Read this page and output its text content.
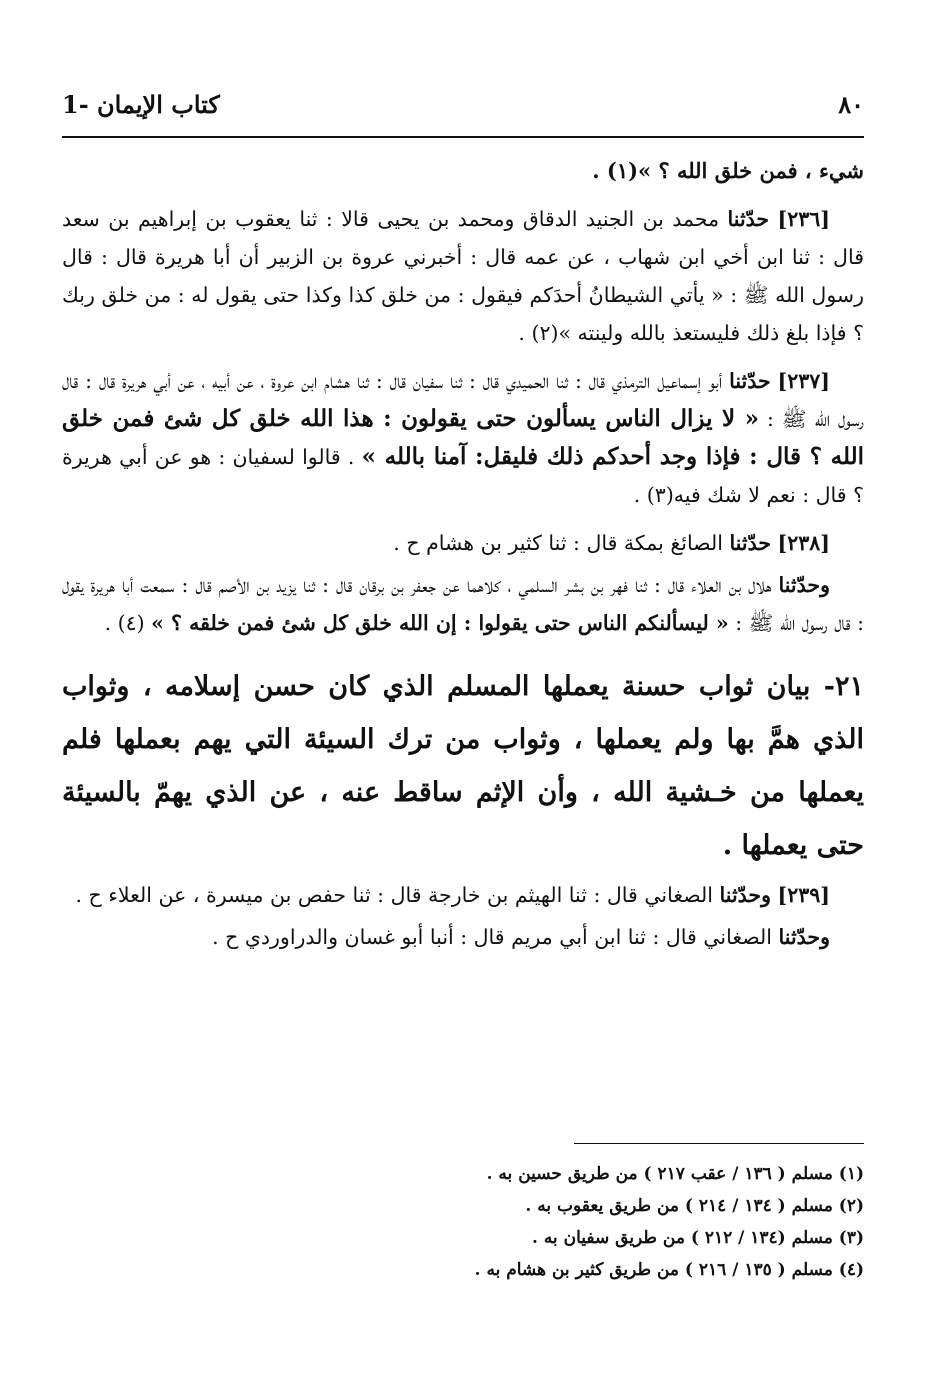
1- كتاب الإيمان	٨٠

شيء ، فمن خلق الله ؟ »(١) .

[٢٣٦] حدّثنا محمد بن الجنيد الدقاق ومحمد بن يحيى قالا : ثنا يعقوب بن إبراهيم بن سعد قال : ثنا ابن أخي ابن شهاب ، عن عمه قال : أخبرني عروة بن الزبير أن أبا هريرة قال : قال رسول الله ﷺ : « يأتي الشيطانُ أحدَكم فيقول : من خلق كذا وكذا حتى يقول له : من خلق ربك ؟ فإذا بلغ ذلك فليستعذ بالله ولينته »(٢) .

[٢٣٧] حدّثنا أبو إسماعيل الترمذي قال : ثنا الحميدي قال : ثنا سفيان قال : ثنا هشام ابن عروة ، عن أبيه ، عن أبي هريرة قال : قال رسول الله ﷺ : « لا يزال الناس يسألون حتى يقولون : هذا الله خلق كل شئ فمن خلق الله ؟ قال : فإذا وجد أحدكم ذلك فليقل: آمنا بالله » . قالوا لسفيان : هو عن أبي هريرة ؟ قال : نعم لا شك فيه(٣) .

[٢٣٨] حدّثنا الصائغ بمكة قال : ثنا كثير بن هشام ح .

وحدّثنا هلال بن العلاء قال : ثنا فهر بن بشر السلمي ، كلاهما عن جعفر بن برقان قال : ثنا يزيد بن الأصم قال : سمعت أبا هريرة يقول : قال رسول الله ﷺ : « ليسألنكم الناس حتى يقولوا : إن الله خلق كل شئ فمن خلقه ؟ » (٤) .

٢١- بيان ثواب حسنة يعملها المسلم الذي كان حسن إسلامه ، وثواب الذي همَّ بها ولم يعملها ، وثواب من ترك السيئة التي يهم بعملها فلم يعملها من خـشية الله ، وأن الإثم ساقط عنه ، عن الذي يهمّ بالسيئة حتى يعملها .

[٢٣٩] وحدّثنا الصغاني قال : ثنا الهيثم بن خارجة قال : ثنا حفص بن ميسرة ، عن العلاء ح .

وحدّثنا الصغاني قال : ثنا ابن أبي مريم قال : أنبا أبو غسان والدراوردي ح .

(١) مسلم ( ١٣٦ / عقب ٢١٧ ) من طريق حسين به .

(٢) مسلم ( ١٣٤ / ٢١٤ ) من طريق يعقوب به .

(٣) مسلم (١٣٤ / ٢١٢ ) من طريق سفيان به .

(٤) مسلم ( ١٣٥ / ٢١٦ ) من طريق كثير بن هشام به .
